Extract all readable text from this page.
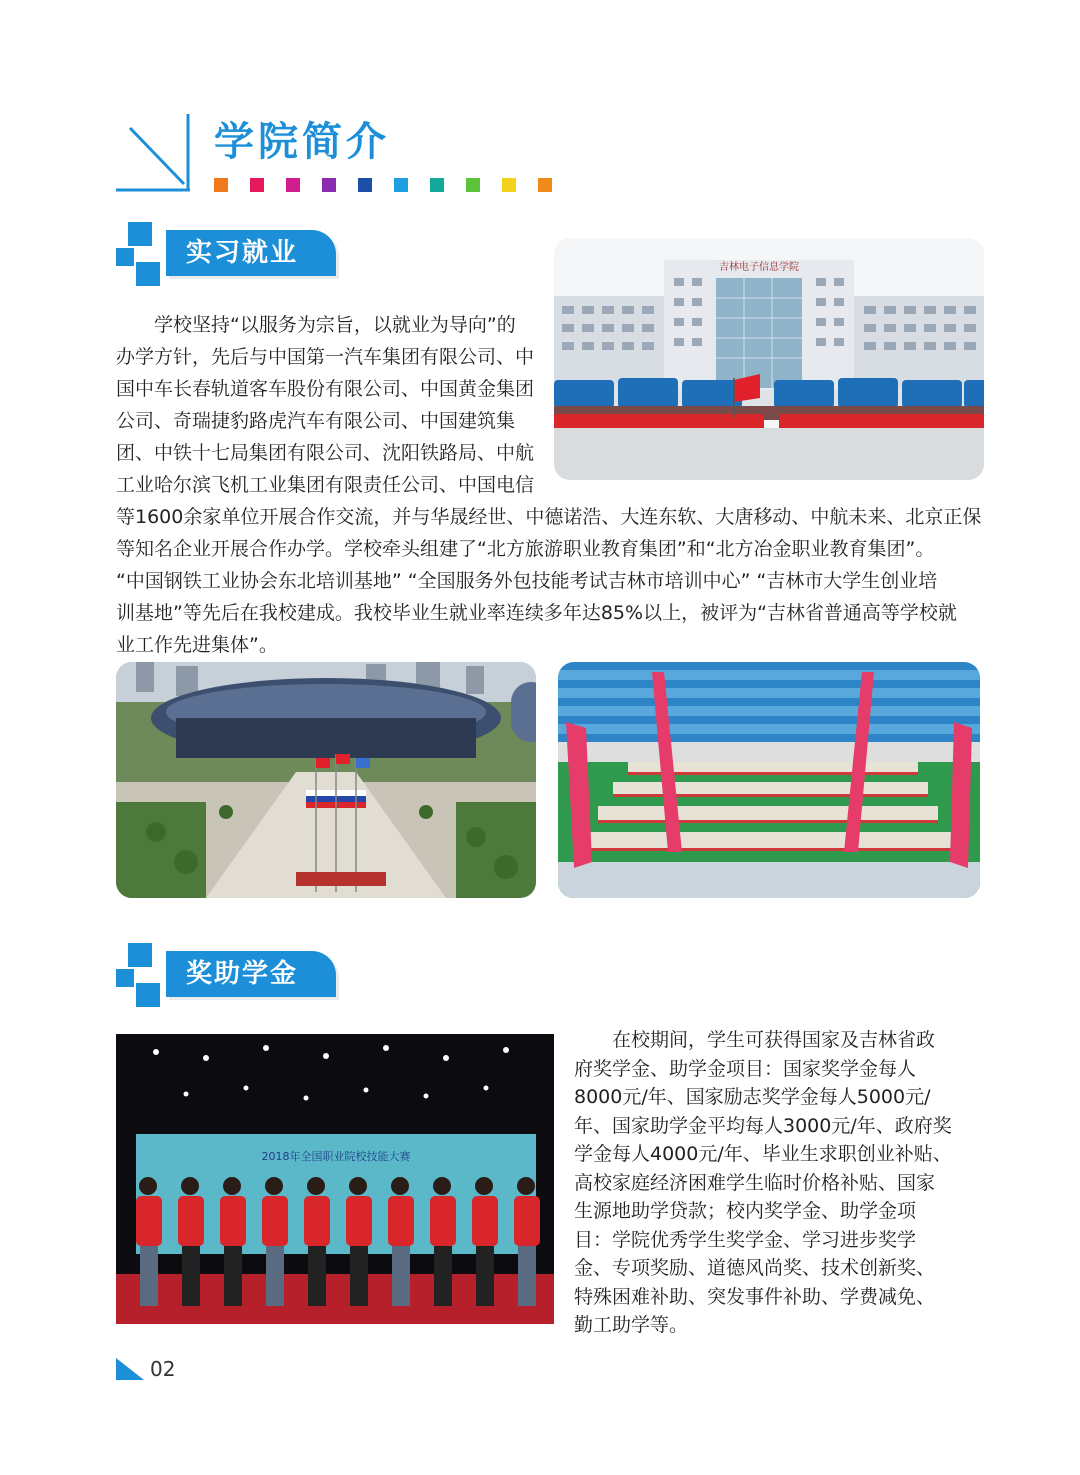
学院简介
实习就业
学校坚持“以服务为宗旨，以就业为导向”的
办学方针，先后与中国第一汽车集团有限公司、中
国中车长春轨道客车股份有限公司、中国黄金集团
公司、奇瑞捷豹路虎汽车有限公司、中国建筑集
团、中铁十七局集团有限公司、沈阳铁路局、中航
工业哈尔滨飞机工业集团有限责任公司、中国电信
吉林电子信息学院
等1600余家单位开展合作交流，并与华晟经世、中德诺浩、大连东软、大唐移动、中航未来、北京正保
等知名企业开展合作办学。学校牵头组建了“北方旅游职业教育集团”和“北方冶金职业教育集团”。
“中国钢铁工业协会东北培训基地” “全国服务外包技能考试吉林市培训中心” “吉林市大学生创业培
训基地”等先后在我校建成。我校毕业生就业率连续多年达85%以上，被评为“吉林省普通高等学校就
业工作先进集体”。
奖助学金
2018年全国职业院校技能大赛
在校期间，学生可获得国家及吉林省政
府奖学金、助学金项目：国家奖学金每人
8000元/年、国家励志奖学金每人5000元/
年、国家助学金平均每人3000元/年、政府奖
学金每人4000元/年、毕业生求职创业补贴、
高校家庭经济困难学生临时价格补贴、国家
生源地助学贷款；校内奖学金、助学金项
目：学院优秀学生奖学金、学习进步奖学
金、专项奖励、道德风尚奖、技术创新奖、
特殊困难补助、突发事件补助、学费减免、
勤工助学等。
02
